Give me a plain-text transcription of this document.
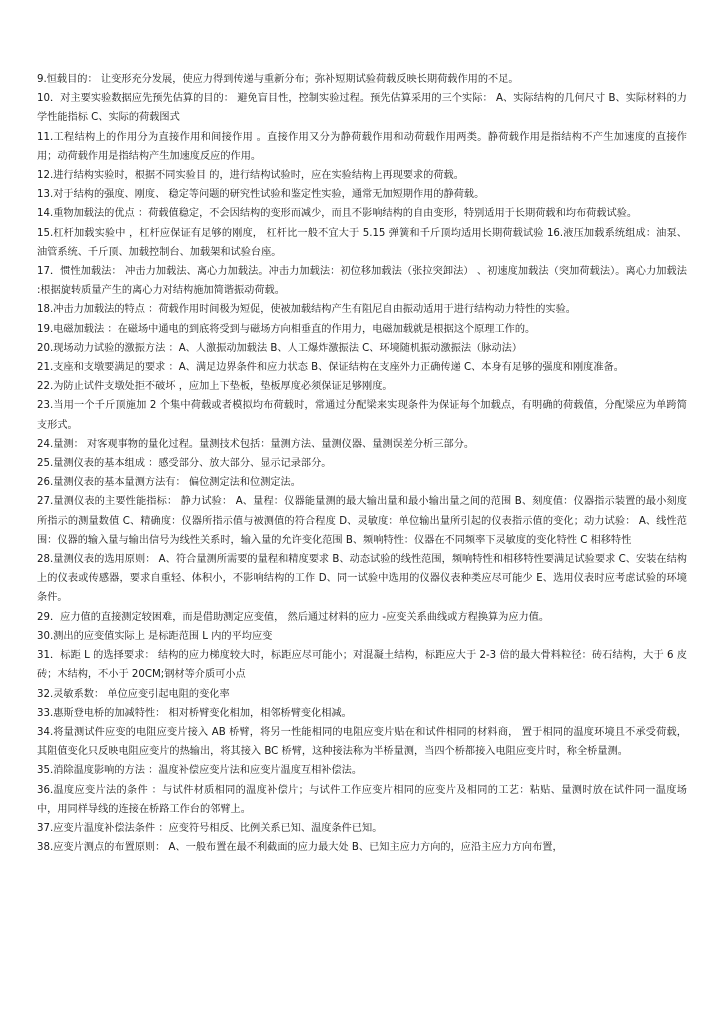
9.恒载目的： 让变形充分发展，使应力得到传递与重新分布；弥补短期试验荷载反映长期荷载作用的不足。
10．对主要实验数据应先预先估算的目的： 避免盲目性，控制实验过程。预先估算采用的三个实际： A、实际结构的几何尺寸 B、实际材料的力学性能指标 C、实际的荷载图式
11.工程结构上的作用分为直接作用和间接作用 。直接作用又分为静荷载作用和动荷载作用两类。静荷载作用是指结构不产生加速度的直接作用；动荷载作用是指结构产生加速度反应的作用。
12.进行结构实验时，根据不同实验目 的，进行结构试验时，应在实验结构上再现要求的荷载。
13.对于结构的强度、刚度、 稳定等问题的研究性试验和鉴定性实验，通常无加短期作用的静荷载。
14.重物加载法的优点 ：荷载值稳定，不会因结构的变形而减少，而且不影响结构的自由变形，特别适用于长期荷载和均布荷载试验。
15.杠杆加载实验中 ，杠杆应保证有足够的刚度， 杠杆比一般不宜大于 5.15 弹簧和千斤顶均适用长期荷载试验 16.液压加载系统组成：油泵、油管系统、千斤顶、加载控制台、加载架和试验台座。
17．惯性加载法： 冲击力加载法、离心力加载法。冲击力加载法：初位移加载法（张拉突卸法） 、初速度加载法（突加荷载法）。离心力加载法 :根据旋转质量产生的离心力对结构施加简谐振动荷载。
18.冲击力加载法的特点 ：荷载作用时间极为短促，使被加载结构产生有阻尼自由振动适用于进行结构动力特性的实验。
19.电磁加载法 ：在磁场中通电的到底将受到与磁场方向相垂直的作用力，电磁加载就是根据这个原理工作的。
20.现场动力试验的激振方法 ：A、人激振动加载法 B、人工爆炸激振法 C、环境随机振动激振法（脉动法）
21.支座和支墩要满足的要求 ：A、满足边界条件和应力状态 B、保证结构在支座外力正确传递 C、本身有足够的强度和刚度准备。
22.为防止试件支墩处拒不破坏 ，应加上下垫板，垫板厚度必须保证足够刚度。
23.当用一个千斤顶施加 2 个集中荷载或者模拟均布荷载时，常通过分配梁来实现条件为保证每个加载点，有明确的荷载值，分配梁应为单跨简支形式。
24.量测： 对客观事物的量化过程。量测技术包括：量测方法、量测仪器、量测误差分析三部分。
25.量测仪表的基本组成 ：感受部分、放大部分、显示记录部分。
26.量测仪表的基本量测方法有： 偏位测定法和位测定法。
27.量测仪表的主要性能指标： 静力试验： A、量程：仪器能量测的最大输出量和最小输出量之间的范围 B、刻度值：仪器指示装置的最小刻度所指示的测量数值 C、精确度：仪器所指示值与被测值的符合程度 D、灵敏度：单位输出量所引起的仪表指示值的变化；动力试验： A、线性范围：仪器的输入量与输出信号为线性关系时，输入量的允许变化范围 B、频响特性：仪器在不同频率下灵敏度的变化特性 C 相移特性
28.量测仪表的选用原则： A、符合量测所需要的量程和精度要求 B、动态试验的线性范围，频响特性和相移特性要满足试验要求 C、安装在结构上的仪表或传感器，要求自重轻、体积小，不影响结构的工作 D、同一试验中选用的仪器仪表种类应尽可能少 E、选用仪表时应考虑试验的环境条件。
29．应力值的直接测定较困难，而是借助测定应变值， 然后通过材料的应力 -应变关系曲线或方程换算为应力值。
30.测出的应变值实际上 是标距范围 L 内的平均应变
31．标距 L 的选择要求： 结构的应力梯度较大时，标距应尽可能小；对混凝土结构，标距应大于 2-3 倍的最大骨料粒径：砖石结构，大于 6 皮砖；木结构，不小于 20CM;钢材等介质可小点
32.灵敏系数： 单位应变引起电阻的变化率
33.惠斯登电桥的加减特性： 相对桥臂变化相加，相邻桥臂变化相减。
34.将量测试件应变的电阻应变片接入 AB 桥臂，将另一性能相同的电阻应变片贴在和试件相同的材料商， 置于相同的温度环境且不承受荷载，其阻值变化只反映电阻应变片的热输出，将其接入 BC 桥臂，这种接法称为半桥量测，当四个桥都接入电阻应变片时，称全桥量测。
35.消除温度影响的方法 ：温度补偿应变片法和应变片温度互相补偿法。
36.温度应变片法的条件 ：与试件材质相同的温度补偿片；与试件工作应变片相同的应变片及相同的工艺：粘贴、量测时放在试件同一温度场中，用同样导线的连接在桥路工作台的邻臂上。
37.应变片温度补偿法条件 ：应变符号相反、比例关系已知、温度条件已知。
38.应变片测点的布置原则： A、一般布置在最不利截面的应力最大处 B、已知主应力方向的，应沿主应力方向布置，
